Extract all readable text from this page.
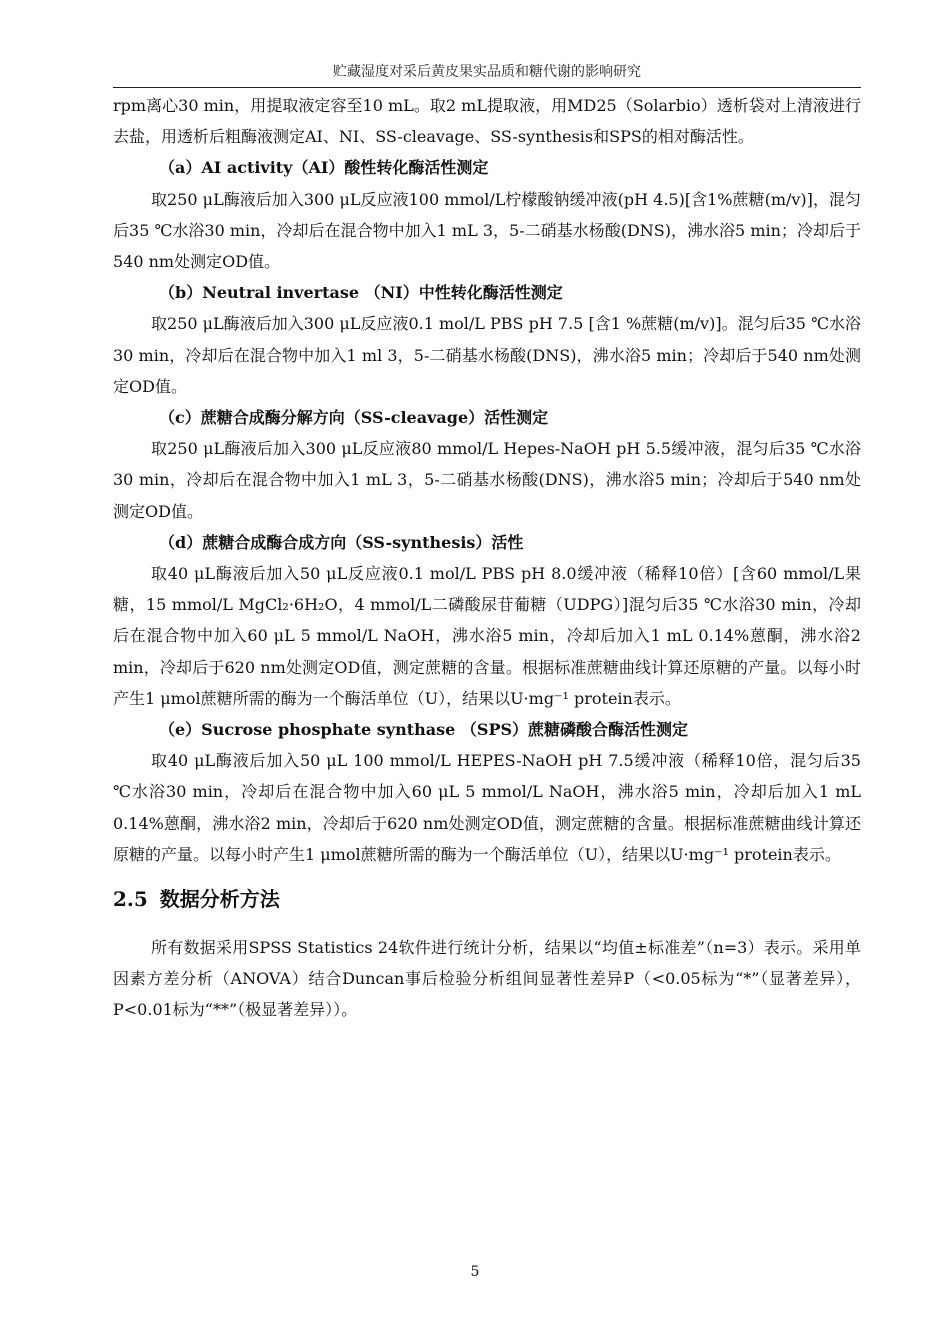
贮藏湿度对采后黄皮果实品质和糖代谢的影响研究

rpm离心30 min，用提取液定容至10 mL。取2 mL提取液，用MD25（Solarbio）透析袋对上清液进行去盐，用透析后粗酶液测定AI、NI、SS-cleavage、SS-synthesis和SPS的相对酶活性。

（a）AI activity（AI）酸性转化酶活性测定

取250 μL酶液后加入300 μL反应液100 mmol/L柠檬酸钠缓冲液(pH 4.5)[含1%蔗糖(m/v)]，混匀后35 ℃水浴30 min，冷却后在混合物中加入1 mL 3，5-二硝基水杨酸(DNS)，沸水浴5 min；冷却后于540 nm处测定OD值。

（b）Neutral invertase （NI）中性转化酶活性测定

取250 μL酶液后加入300 μL反应液0.1 mol/L PBS pH 7.5 [含1 %蔗糖(m/v)]。混匀后35 ℃水浴30 min，冷却后在混合物中加入1 ml 3，5-二硝基水杨酸(DNS)，沸水浴5 min；冷却后于540 nm处测定OD值。

（c）蔗糖合成酶分解方向（SS-cleavage）活性测定

取250 μL酶液后加入300 μL反应液80 mmol/L Hepes-NaOH pH 5.5缓冲液，混匀后35 ℃水浴30 min，冷却后在混合物中加入1 mL 3，5-二硝基水杨酸(DNS)，沸水浴5 min；冷却后于540 nm处测定OD值。

（d）蔗糖合成酶合成方向（SS-synthesis）活性

取40 μL酶液后加入50 μL反应液0.1 mol/L PBS pH 8.0缓冲液（稀释10倍）[含60 mmol/L果糖，15 mmol/L MgCl₂·6H₂O，4 mmol/L二磷酸尿苷葡糖（UDPG）]混匀后35 ℃水浴30 min，冷却后在混合物中加入60 μL 5 mmol/L NaOH，沸水浴5 min，冷却后加入1 mL 0.14%蒽酮，沸水浴2 min，冷却后于620 nm处测定OD值，测定蔗糖的含量。根据标准蔗糖曲线计算还原糖的产量。以每小时产生1 μmol蔗糖所需的酶为一个酶活单位（U），结果以U·mg⁻¹ protein表示。

（e）Sucrose phosphate synthase （SPS）蔗糖磷酸合酶活性测定

取40 μL酶液后加入50 μL 100 mmol/L HEPES-NaOH pH 7.5缓冲液（稀释10倍，混匀后35 ℃水浴30 min，冷却后在混合物中加入60 μL 5 mmol/L NaOH，沸水浴5 min，冷却后加入1 mL 0.14%蒽酮，沸水浴2 min，冷却后于620 nm处测定OD值，测定蔗糖的含量。根据标准蔗糖曲线计算还原糖的产量。以每小时产生1 μmol蔗糖所需的酶为一个酶活单位（U），结果以U·mg⁻¹ protein表示。

2.5 数据分析方法

所有数据采用SPSS Statistics 24软件进行统计分析，结果以“均值±标准差”（n=3）表示。采用单因素方差分析（ANOVA）结合Duncan事后检验分析组间显著性差异P（<0.05标为“*”（显著差异），P<0.01标为“**”（极显著差异））。

5
